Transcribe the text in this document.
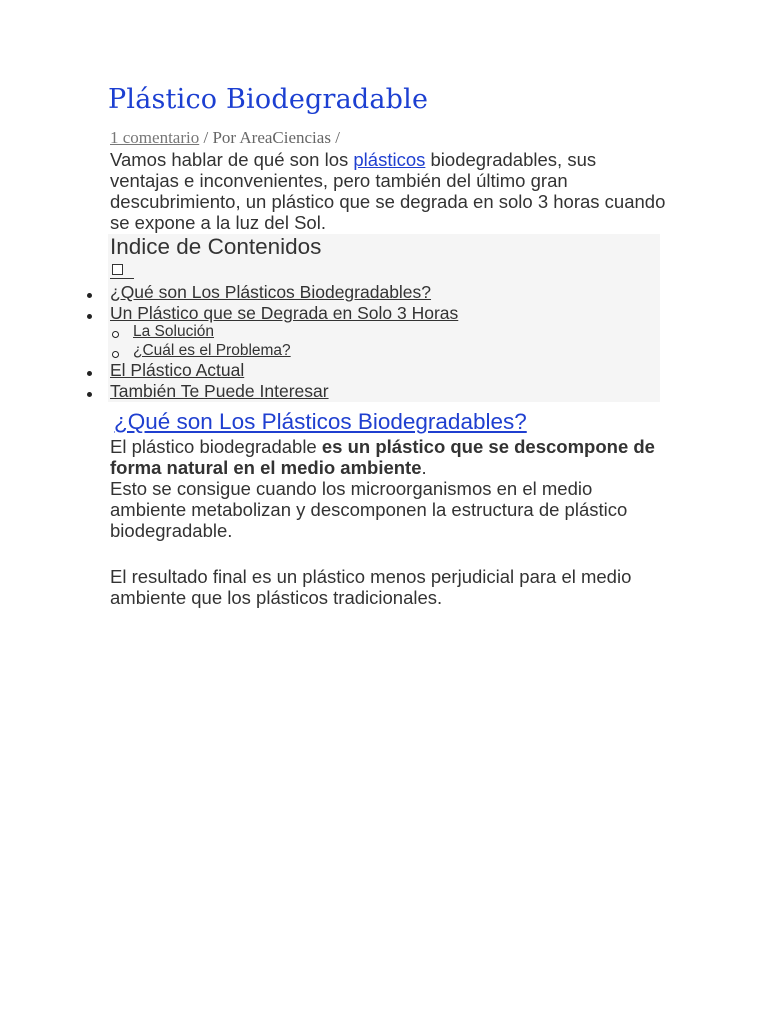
Plástico Biodegradable
1 comentario / Por AreaCiencias /
Vamos hablar de qué son los plásticos biodegradables, sus ventajas e inconvenientes, pero también del último gran descubrimiento, un plástico que se degrada en solo 3 horas cuando se expone a la luz del Sol.
Indice de Contenidos
¿Qué son Los Plásticos Biodegradables?
Un Plástico que se Degrada en Solo 3 Horas
La Solución
¿Cuál es el Problema?
El Plástico Actual
También Te Puede Interesar
¿Qué son Los Plásticos Biodegradables?
El plástico biodegradable es un plástico que se descompone de forma natural en el medio ambiente.
Esto se consigue cuando los microorganismos en el medio ambiente metabolizan y descomponen la estructura de plástico biodegradable.
El resultado final es un plástico menos perjudicial para el medio ambiente que los plásticos tradicionales.
